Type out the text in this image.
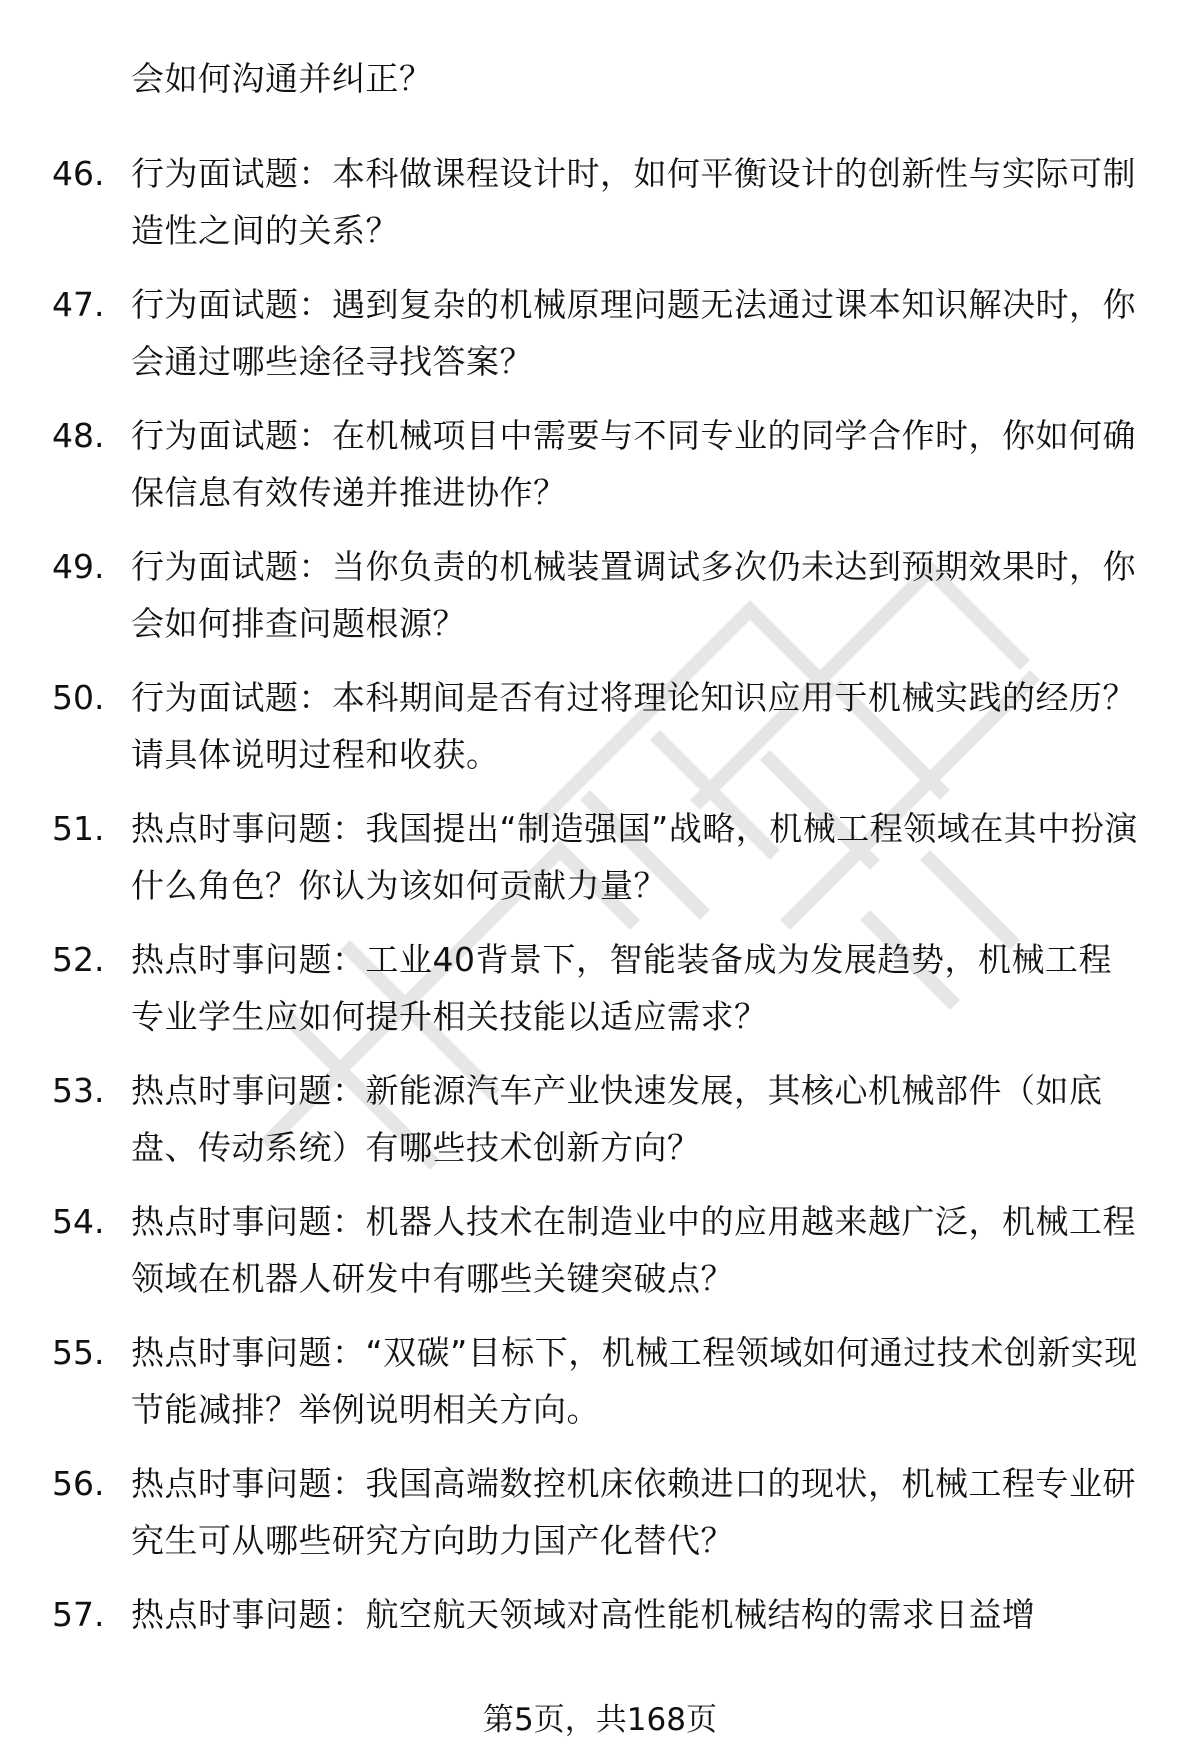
会如何沟通并纠正？
46. 行为面试题：本科做课程设计时，如何平衡设计的创新性与实际可制造性之间的关系？
47. 行为面试题：遇到复杂的机械原理问题无法通过课本知识解决时，你会通过哪些途径寻找答案？
48. 行为面试题：在机械项目中需要与不同专业的同学合作时，你如何确保信息有效传递并推进协作？
49. 行为面试题：当你负责的机械装置调试多次仍未达到预期效果时，你会如何排查问题根源？
50. 行为面试题：本科期间是否有过将理论知识应用于机械实践的经历？请具体说明过程和收获。
51. 热点时事问题：我国提出“制造强国”战略，机械工程领域在其中扮演什么角色？你认为该如何贡献力量？
52. 热点时事问题：工业40背景下，智能装备成为发展趋势，机械工程专业学生应如何提升相关技能以适应需求？
53. 热点时事问题：新能源汽车产业快速发展，其核心机械部件（如底盘、传动系统）有哪些技术创新方向？
54. 热点时事问题：机器人技术在制造业中的应用越来越广泛，机械工程领域在机器人研发中有哪些关键突破点？
55. 热点时事问题：“双碳”目标下，机械工程领域如何通过技术创新实现节能减排？举例说明相关方向。
56. 热点时事问题：我国高端数控机床依赖进口的现状，机械工程专业研究生可从哪些研究方向助力国产化替代？
57. 热点时事问题：航空航天领域对高性能机械结构的需求日益增
第5页，共168页
